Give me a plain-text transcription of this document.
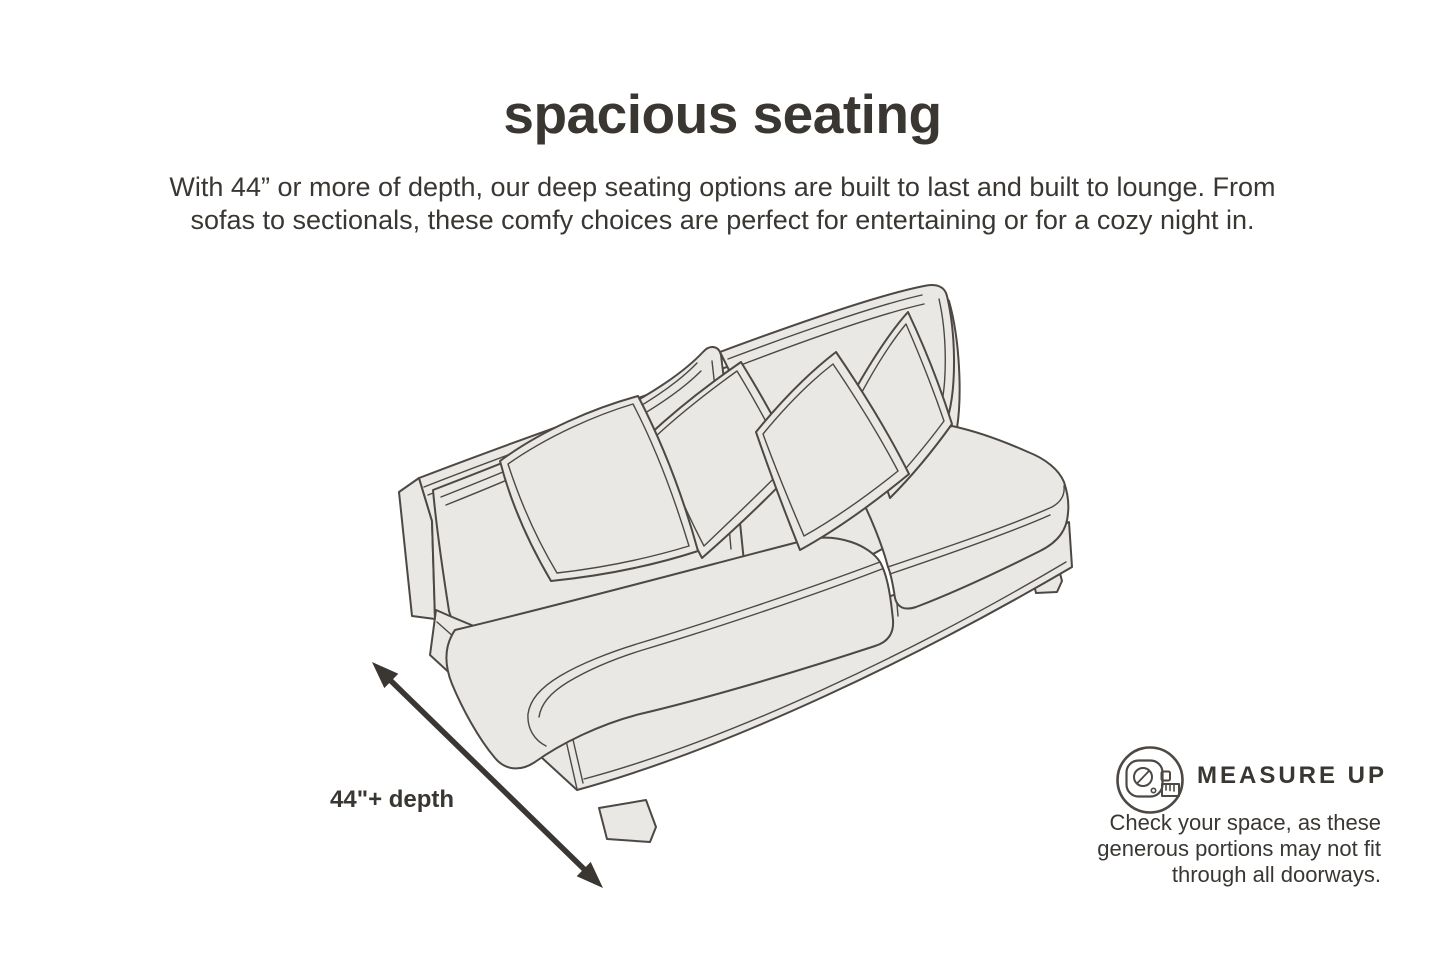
spacious seating
With 44” or more of depth, our deep seating options are built to last and built to lounge. From
sofas to sectionals, these comfy choices are perfect for entertaining or for a cozy night in.
44"+ depth
MEASURE UP
Check your space, as these
generous portions may not fit
through all doorways.
